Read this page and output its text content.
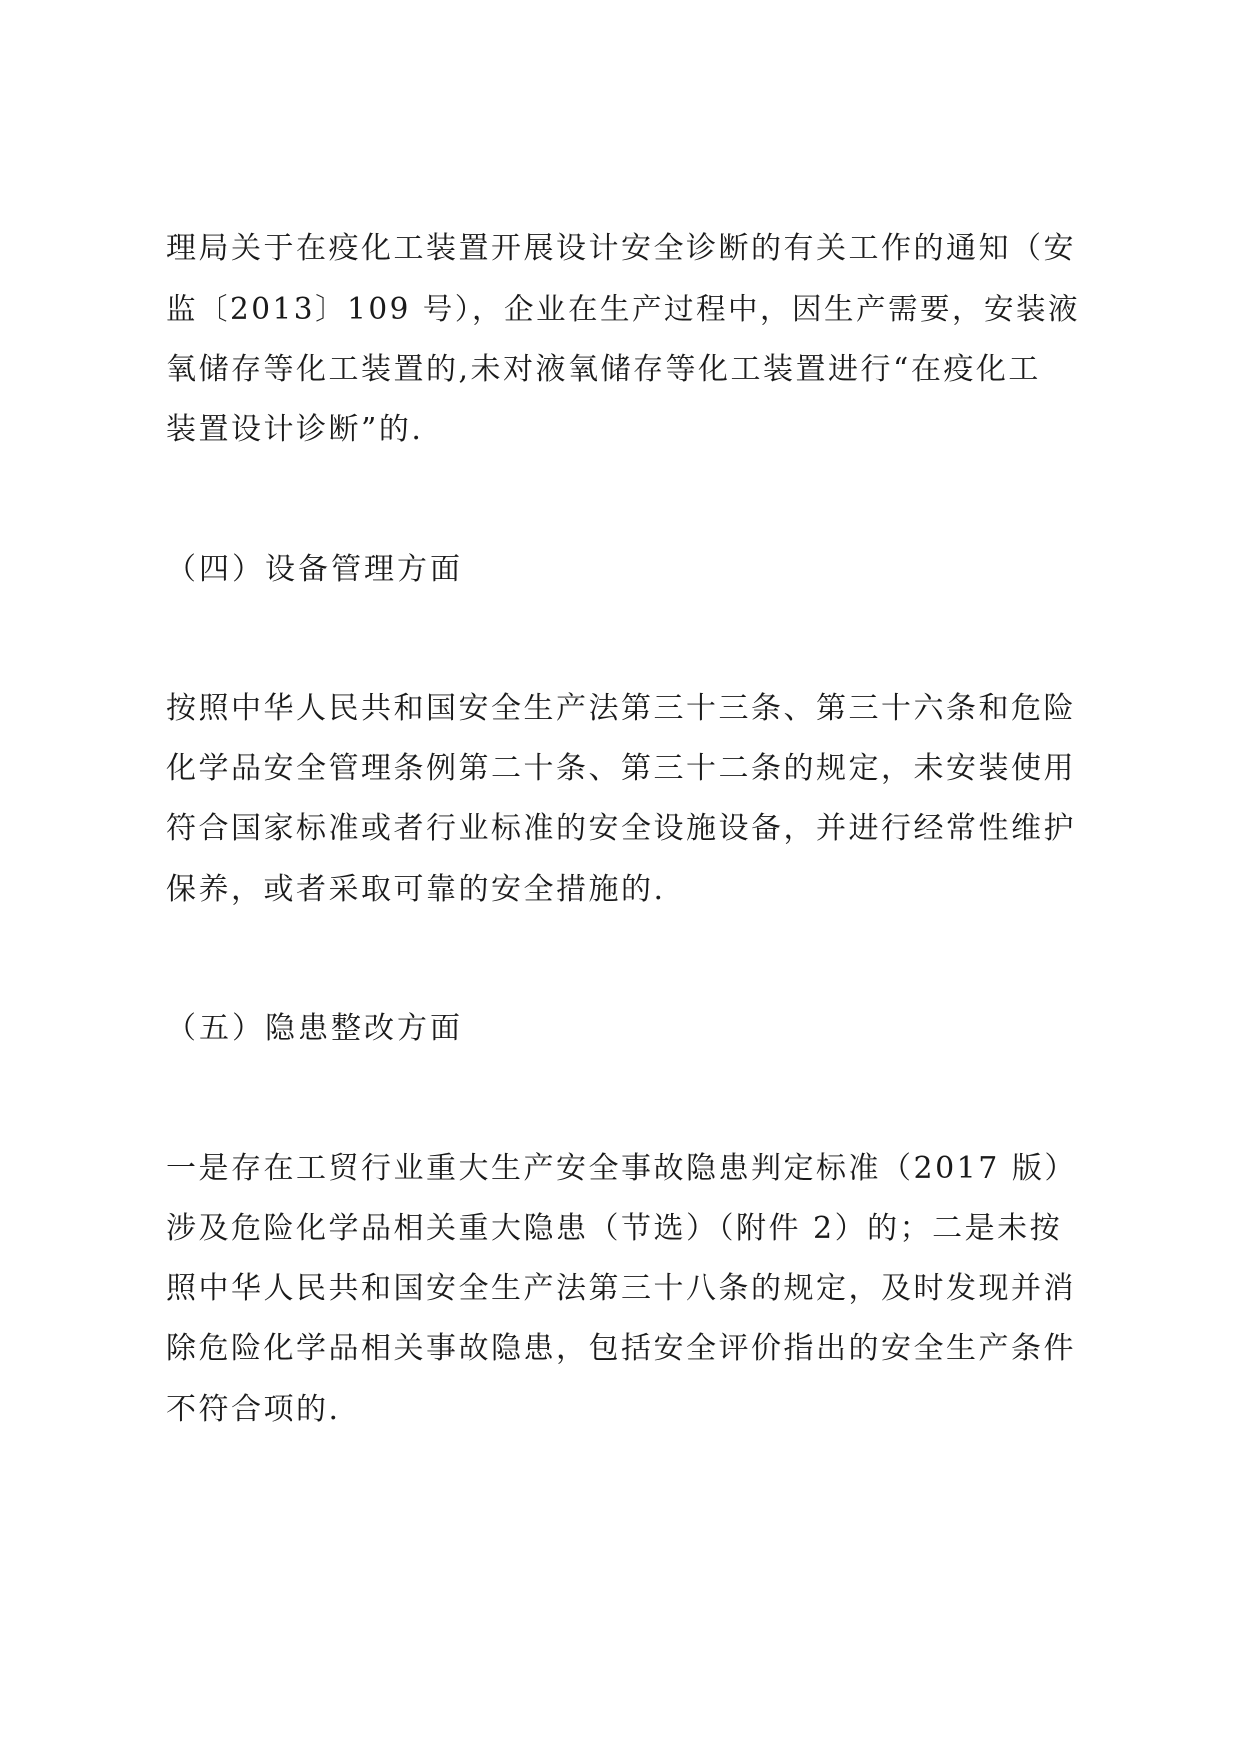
理局关于在疫化工装置开展设计安全诊断的有关工作的通知（安
监〔2013〕109 号），企业在生产过程中，因生产需要，安装液
氧储存等化工装置的,未对液氧储存等化工装置进行“在疫化工
装置设计诊断”的.
（四）设备管理方面
按照中华人民共和国安全生产法第三十三条、第三十六条和危险
化学品安全管理条例第二十条、第三十二条的规定，未安装使用
符合国家标准或者行业标准的安全设施设备，并进行经常性维护
保养，或者采取可靠的安全措施的.
（五）隐患整改方面
一是存在工贸行业重大生产安全事故隐患判定标准（2017 版）
涉及危险化学品相关重大隐患（节选）（附件 2）的；二是未按
照中华人民共和国安全生产法第三十八条的规定，及时发现并消
除危险化学品相关事故隐患，包括安全评价指出的安全生产条件
不符合项的.
